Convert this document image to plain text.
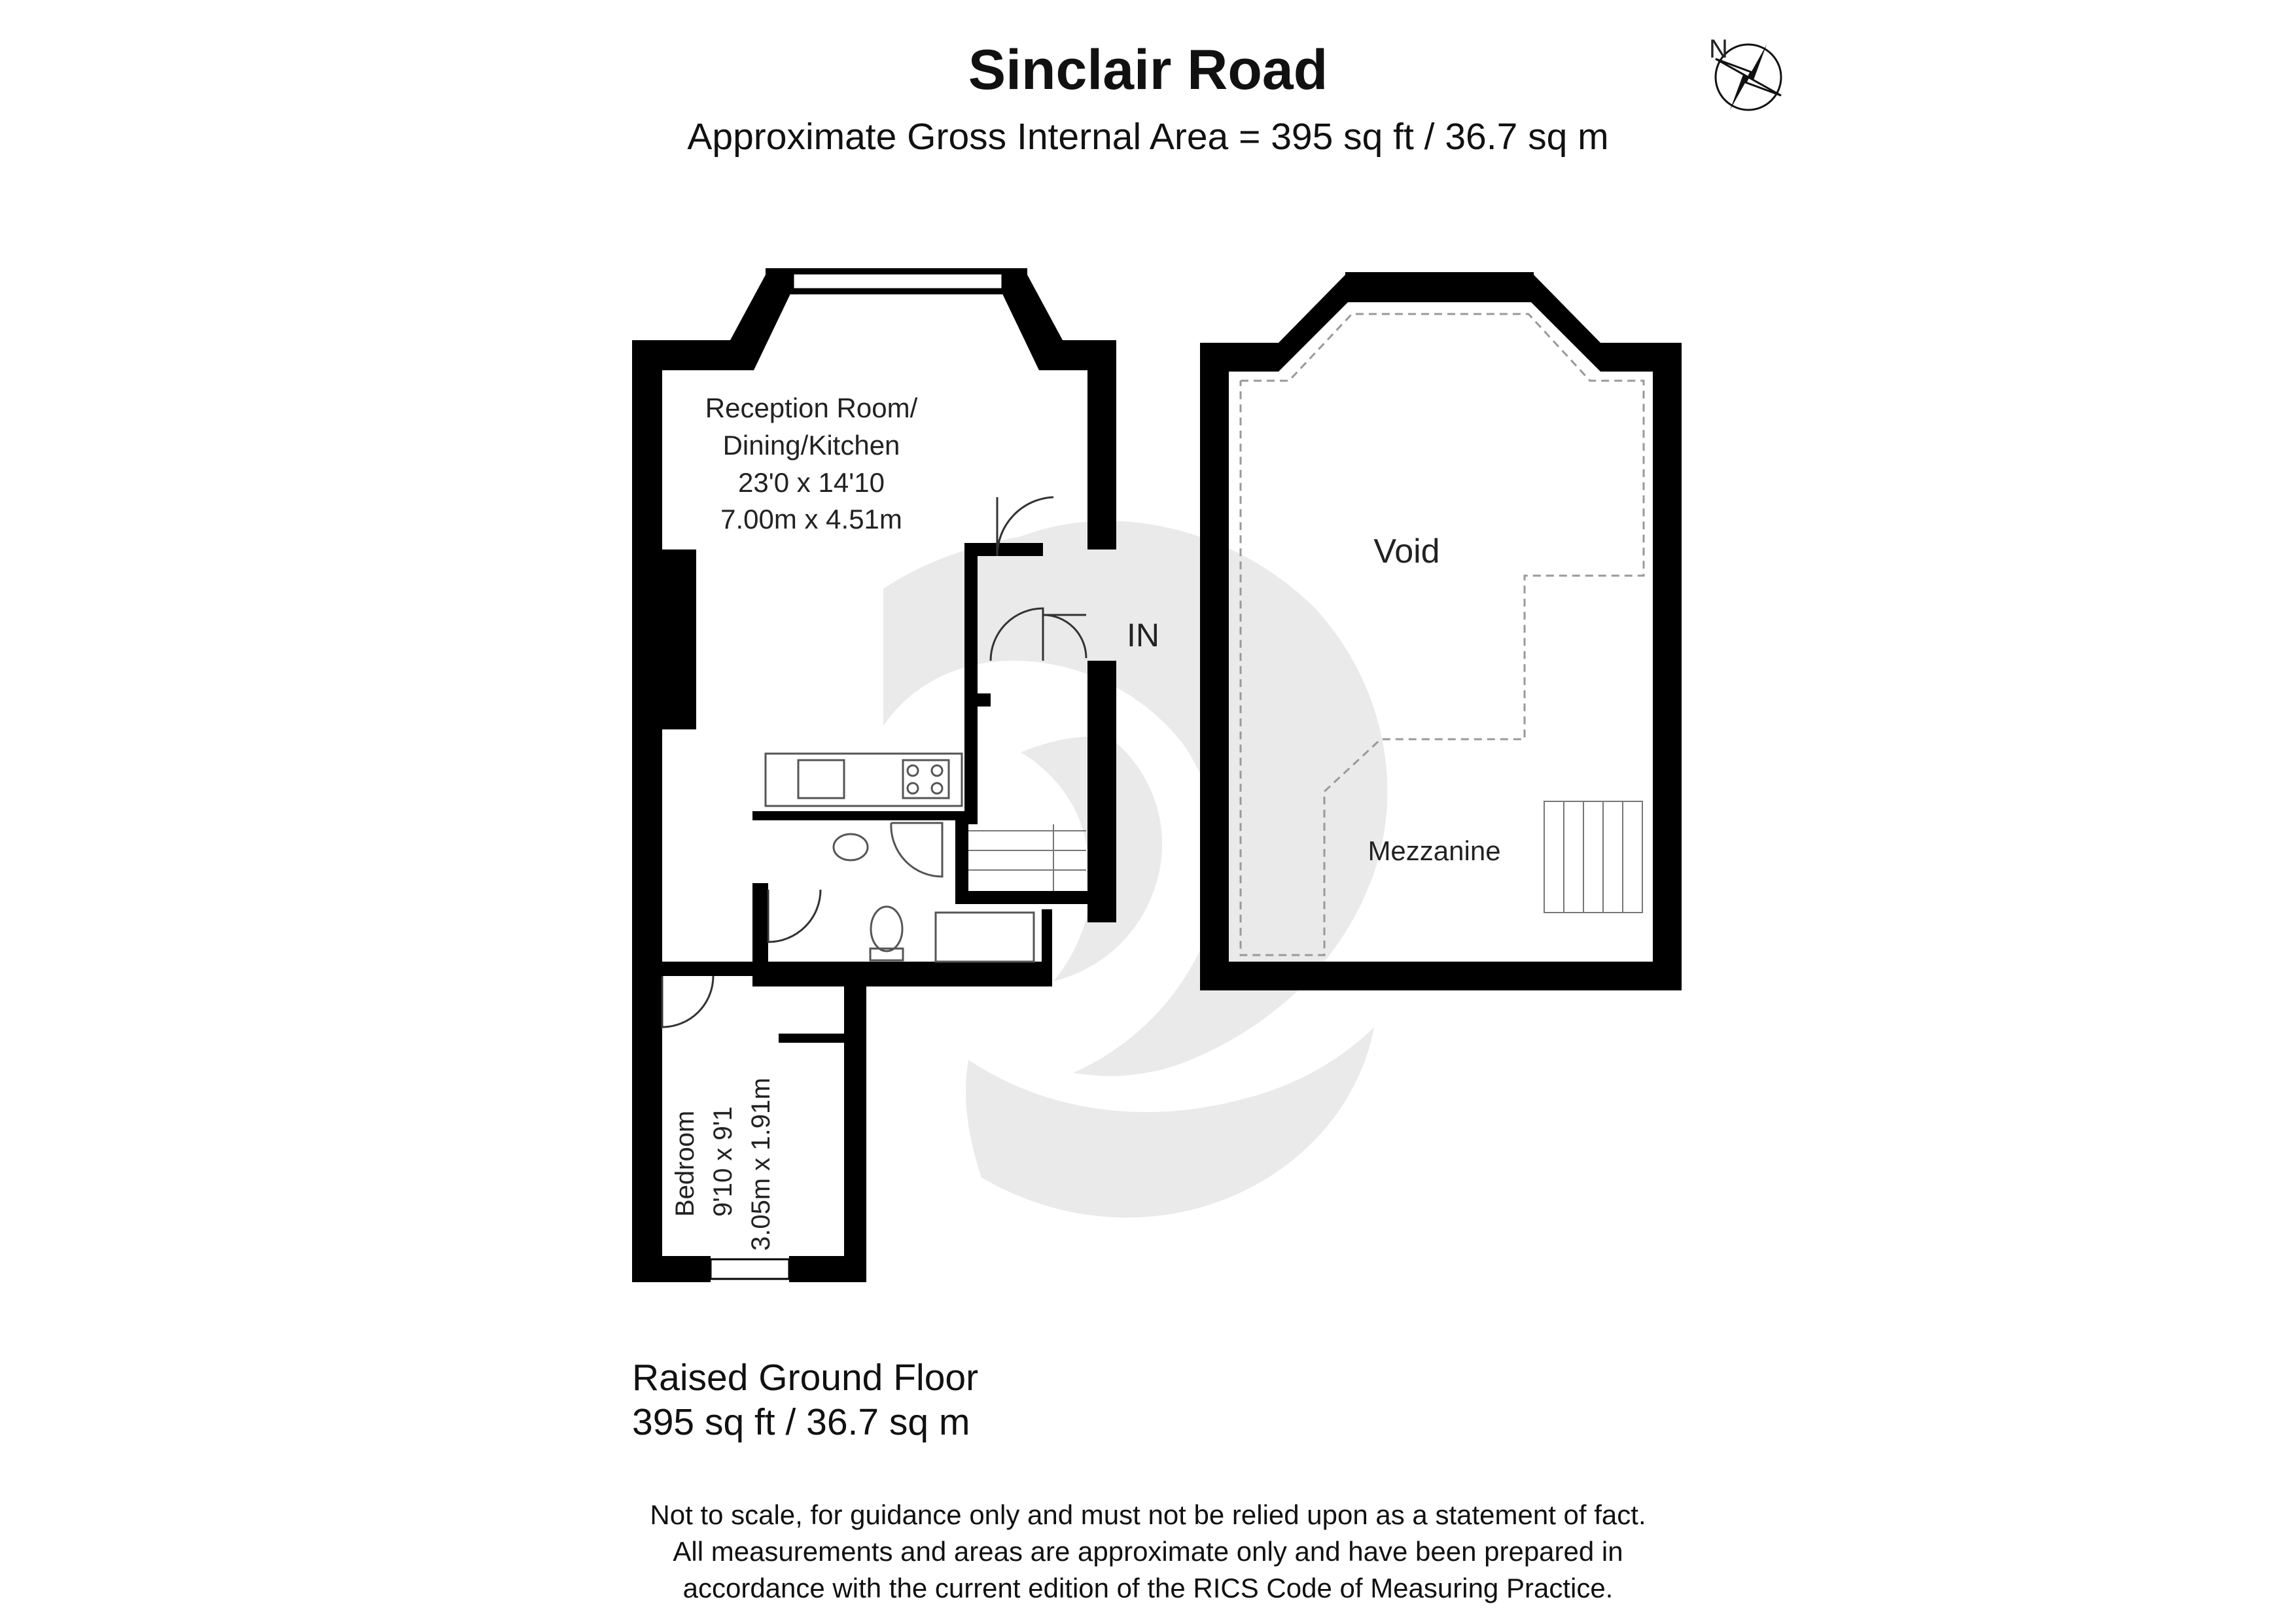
Sinclair Road
Approximate Gross Internal Area = 395 sq ft / 36.7 sq m
N
Reception Room/
Dining/Kitchen
23'0 x 14'10
7.00m x 4.51m
IN
Bedroom 9'10 x 9'1 3.05m x 1.91m
Void
Mezzanine
Raised Ground Floor
395 sq ft / 36.7 sq m
Not to scale, for guidance only and must not be relied upon as a statement of fact.
All measurements and areas are approximate only and have been prepared in
accordance with the current edition of the RICS Code of Measuring Practice.
